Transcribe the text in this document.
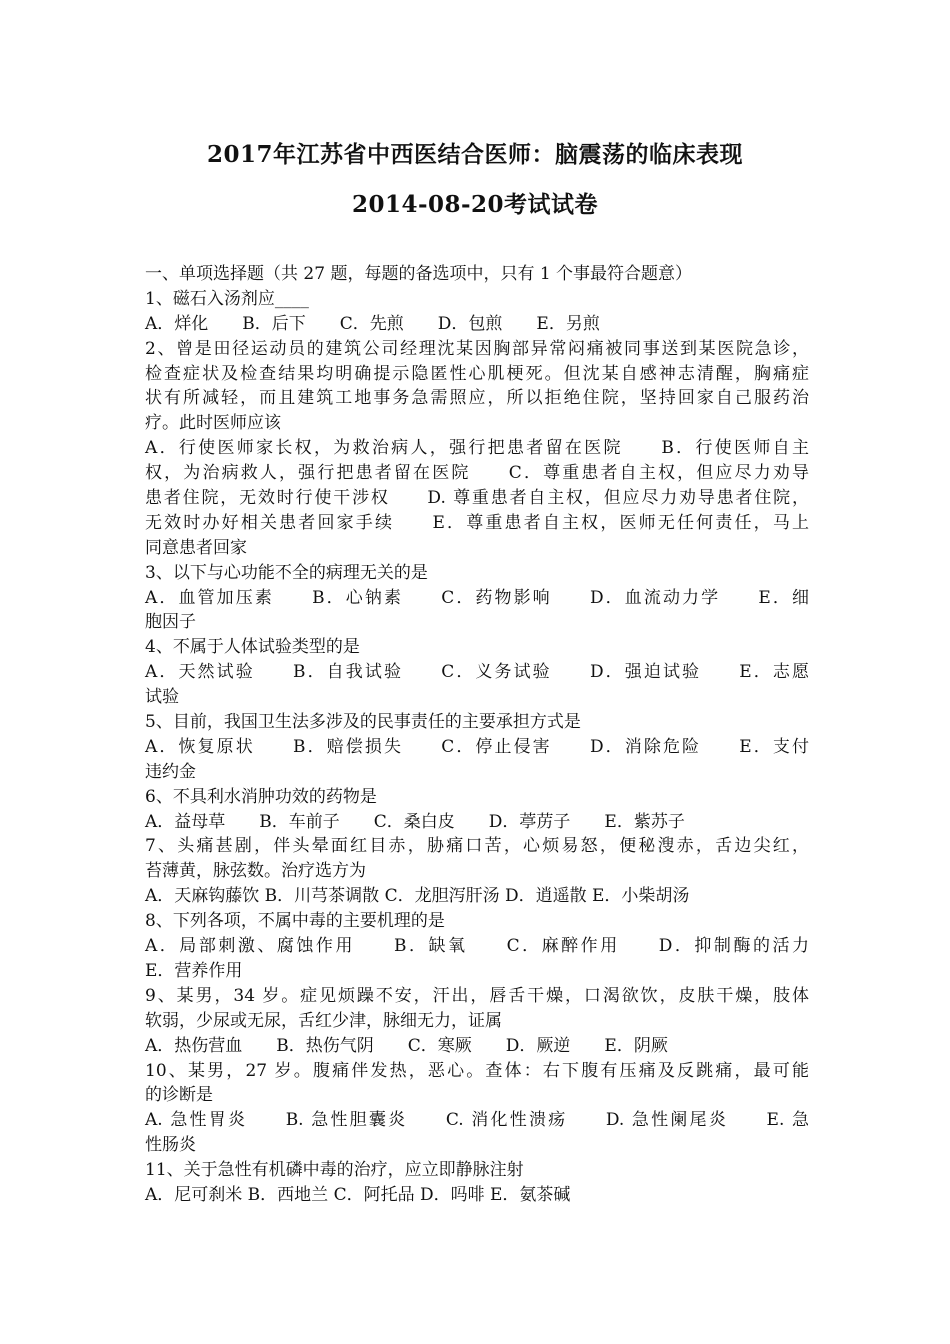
2017年江苏省中西医结合医师：脑震荡的临床表现
2014-08-20考试试卷
一、单项选择题（共 27 题，每题的备选项中，只有 1 个事最符合题意）
1、磁石入汤剂应____
A．烊化　　B．后下　　C．先煎　　D．包煎　　E．另煎
2、曾是田径运动员的建筑公司经理沈某因胸部异常闷痛被同事送到某医院急诊，
检查症状及检查结果均明确提示隐匿性心肌梗死。但沈某自感神志清醒，胸痛症
状有所减轻，而且建筑工地事务急需照应，所以拒绝住院，坚持回家自己服药治
疗。此时医师应该
A．行使医师家长权，为救治病人，强行把患者留在医院　　B．行使医师自主
权，为治病救人，强行把患者留在医院　　C．尊重患者自主权，但应尽力劝导
患者住院，无效时行使干涉权　　D. 尊重患者自主权，但应尽力劝导患者住院，
无效时办好相关患者回家手续　　E．尊重患者自主权，医师无任何责任，马上
同意患者回家
3、以下与心功能不全的病理无关的是
A．血管加压素　　B．心钠素　　C．药物影响　　D．血流动力学　　E．细
胞因子
4、不属于人体试验类型的是
A．天然试验　　B．自我试验　　C．义务试验　　D．强迫试验　　E．志愿
试验
5、目前，我国卫生法多涉及的民事责任的主要承担方式是
A．恢复原状　　B．赔偿损失　　C．停止侵害　　D．消除危险　　E．支付
违约金
6、不具利水消肿功效的药物是
A．益母草　　B．车前子　　C．桑白皮　　D．葶苈子　　E．紫苏子
7、头痛甚剧，伴头晕面红目赤，胁痛口苦，心烦易怒，便秘溲赤，舌边尖红，
苔薄黄，脉弦数。治疗选方为
A．天麻钩藤饮 B．川芎茶调散 C．龙胆泻肝汤 D．逍遥散 E．小柴胡汤
8、下列各项，不属中毒的主要机理的是
A．局部刺激、腐蚀作用　　B．缺氧　　C．麻醉作用　　D．抑制酶的活力
E．营养作用
9、某男，34 岁。症见烦躁不安，汗出，唇舌干燥，口渴欲饮，皮肤干燥，肢体
软弱，少尿或无尿，舌红少津，脉细无力，证属
A．热伤营血　　B．热伤气阴　　C．寒厥　　D．厥逆　　E．阴厥
10、某男，27 岁。腹痛伴发热，恶心。查体：右下腹有压痛及反跳痛，最可能
的诊断是
A. 急性胃炎　　B. 急性胆囊炎　　C. 消化性溃疡　　D. 急性阑尾炎　　E. 急
性肠炎
11、关于急性有机磷中毒的治疗，应立即静脉注射
A．尼可刹米 B．西地兰 C．阿托品 D．吗啡 E．氨茶碱
